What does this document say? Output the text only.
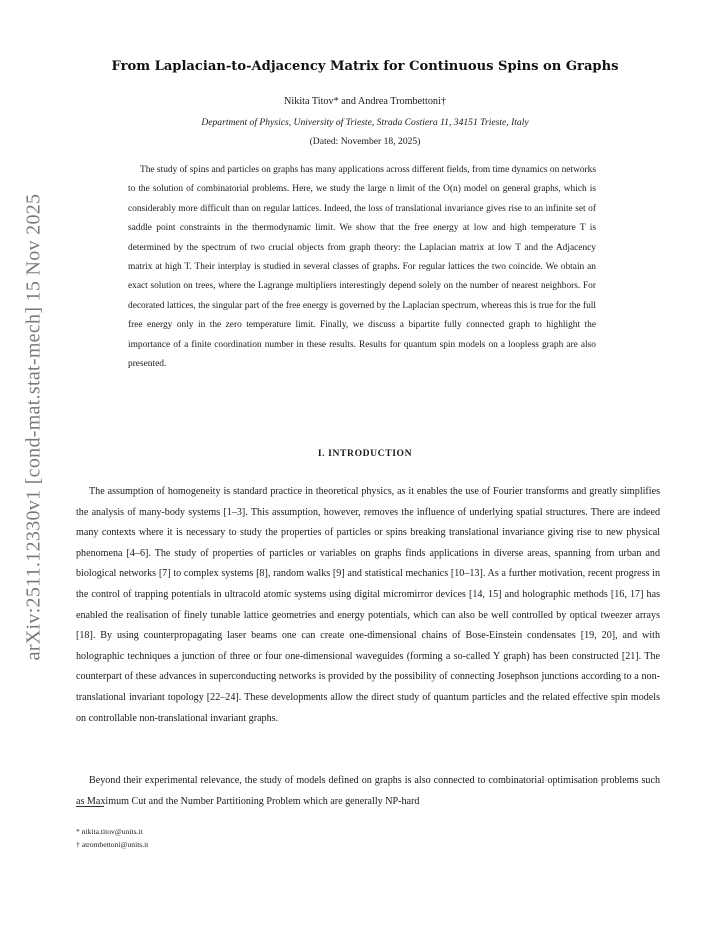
arXiv:2511.12330v1 [cond-mat.stat-mech] 15 Nov 2025
From Laplacian-to-Adjacency Matrix for Continuous Spins on Graphs
Nikita Titov* and Andrea Trombettoni†
Department of Physics, University of Trieste, Strada Costiera 11, 34151 Trieste, Italy
(Dated: November 18, 2025)

The study of spins and particles on graphs has many applications across different fields, from time dynamics on networks to the solution of combinatorial problems. Here, we study the large n limit of the O(n) model on general graphs, which is considerably more difficult than on regular lattices. Indeed, the loss of translational invariance gives rise to an infinite set of saddle point constraints in the thermodynamic limit. We show that the free energy at low and high temperature T is determined by the spectrum of two crucial objects from graph theory: the Laplacian matrix at low T and the Adjacency matrix at high T. Their interplay is studied in several classes of graphs. For regular lattices the two coincide. We obtain an exact solution on trees, where the Lagrange multipliers interestingly depend solely on the number of nearest neighbors. For decorated lattices, the singular part of the free energy is governed by the Laplacian spectrum, whereas this is true for the full free energy only in the zero temperature limit. Finally, we discuss a bipartite fully connected graph to highlight the importance of a finite coordination number in these results. Results for quantum spin models on a loopless graph are also presented.

I. INTRODUCTION

The assumption of homogeneity is standard practice in theoretical physics, as it enables the use of Fourier transforms and greatly simplifies the analysis of many-body systems [1–3]. This assumption, however, removes the influence of underlying spatial structures. There are indeed many contexts where it is necessary to study the properties of particles or spins breaking translational invariance giving rise to new physical phenomena [4–6]. The study of properties of particles or variables on graphs finds applications in diverse areas, spanning from urban and biological networks [7] to complex systems [8], random walks [9] and statistical mechanics [10–13]. As a further motivation, recent progress in the control of trapping potentials in ultracold atomic systems using digital micromirror devices [14, 15] and holographic methods [16, 17] has enabled the realisation of finely tunable lattice geometries and energy potentials, which can also be well controlled by optical tweezer arrays [18]. By using counterpropagating laser beams one can create one-dimensional chains of Bose-Einstein condensates [19, 20], and with holographic techniques a junction of three or four one-dimensional waveguides (forming a so-called Y graph) has been constructed [21]. The counterpart of these advances in superconducting networks is provided by the possibility of connecting Josephson junctions according to a non-translational invariant topology [22–24]. These developments allow the direct study of quantum particles and the related effective spin models on controllable non-translational invariant graphs.

Beyond their experimental relevance, the study of models defined on graphs is also connected to combinatorial optimisation problems such as Maximum Cut and the Number Partitioning Problem which are generally NP-hard

* nikita.titov@units.it
† atrombettoni@units.it
